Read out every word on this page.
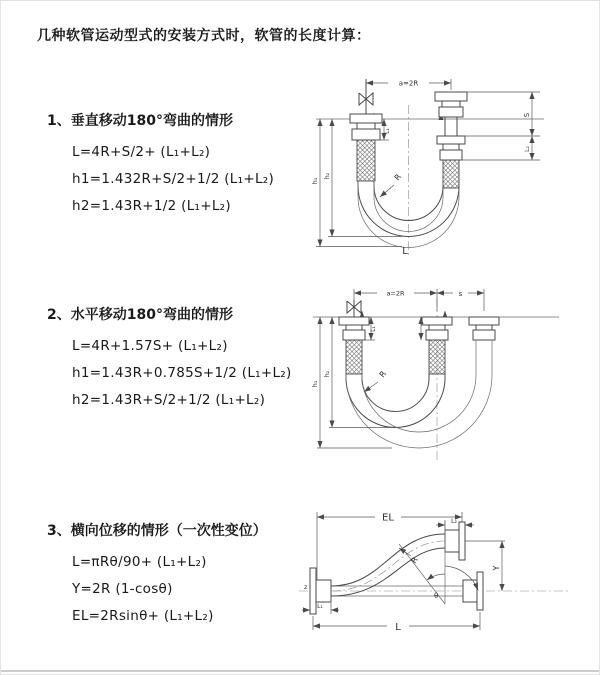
几种软管运动型式的安装方式时，软管的长度计算：

1、垂直移动180°弯曲的情形

L=4R+S/2+ (L₁+L₂)

h1=1.432R+S/2+1/2 (L₁+L₂)

h2=1.43R+1/2 (L₁+L₂)

2、水平移动180°弯曲的情形

L=4R+1.57S+ (L₁+L₂)

h1=1.43R+0.785S+1/2 (L₁+L₂)

h2=1.43R+S/2+1/2 (L₁+L₂)

3、横向位移的情形（一次性变位）

L=πRθ/90+ (L₁+L₂)

Y=2R (1-cosθ)

EL=2Rsinθ+ (L₁+L₂)

a=2R
R
h₁
h₂
L₁
S
L₂
L
a=2R	s
R
h₁
h₂
L₁
z
EL	L₂
Y
L
L₁
θ
R
